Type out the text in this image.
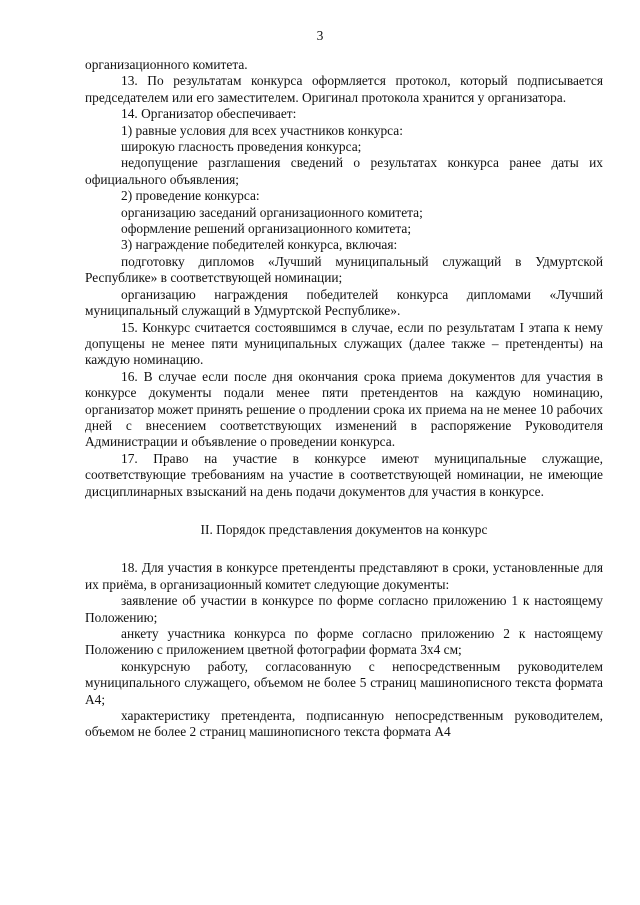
3

организационного комитета.

13. По результатам конкурса оформляется протокол, который подписывается председателем или его заместителем. Оригинал протокола хранится у организатора.

14. Организатор обеспечивает:

1) равные условия для всех участников конкурса:

широкую гласность проведения конкурса;

недопущение разглашения сведений о результатах конкурса ранее даты их официального объявления;

2) проведение конкурса:

организацию заседаний организационного комитета;

оформление решений организационного комитета;

3) награждение победителей конкурса, включая:

подготовку дипломов «Лучший муниципальный служащий в Удмуртской Республике» в соответствующей номинации;

организацию награждения победителей конкурса дипломами «Лучший муниципальный служащий в Удмуртской Республике».

15. Конкурс считается состоявшимся в случае, если по результатам I этапа к нему допущены не менее пяти муниципальных служащих (далее также – претенденты) на каждую номинацию.

16. В случае если после дня окончания срока приема документов для участия в конкурсе документы подали менее пяти претендентов на каждую номинацию, организатор может принять решение о продлении срока их приема на не менее 10 рабочих дней с внесением соответствующих изменений в распоряжение Руководителя Администрации и объявление о проведении конкурса.

17. Право на участие в конкурсе имеют муниципальные служащие, соответствующие требованиям на участие в соответствующей номинации, не имеющие дисциплинарных взысканий на день подачи документов для участия в конкурсе.

II. Порядок представления документов на конкурс

18. Для участия в конкурсе претенденты представляют в сроки, установленные для их приёма, в организационный комитет следующие документы:

заявление об участии в конкурсе по форме согласно приложению 1 к настоящему Положению;

анкету участника конкурса по форме согласно приложению 2 к настоящему Положению с приложением цветной фотографии формата 3х4 см;

конкурсную работу, согласованную с непосредственным руководителем муниципального служащего, объемом не более 5 страниц машинописного текста формата А4;

характеристику претендента, подписанную непосредственным руководителем, объемом не более 2 страниц машинописного текста формата А4
